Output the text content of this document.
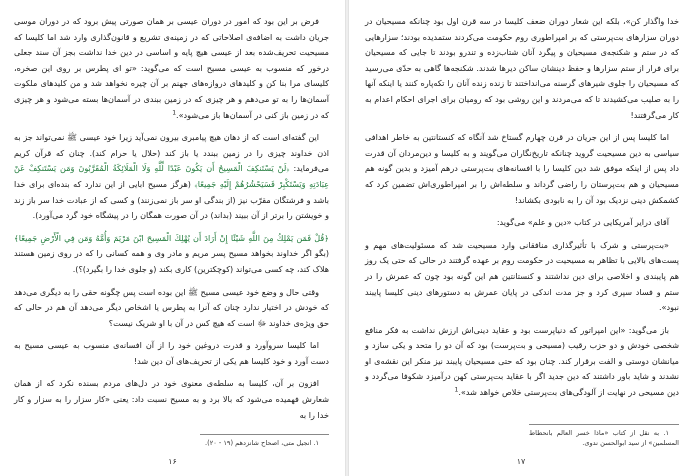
فرض بر این بود که امور در دوران عیسی بر همان صورتی پیش برود که در دوران موسی جریان داشت به اضافه‌ی اصلاحاتی که در زمینه‌ی تشریع و قانون‌گذاری وارد شد اما کلیسا که مسیحیت تحریف‌شده بعد از عیسی هیچ پایه و اساسی در دین خدا نداشت بجز آن سند جعلی درخور که منسوب به عیسی مسیح است که می‌گوید: «تو ای پطرس بر روی این صخره، کلیسای مرا بنا کن و کلیدهای دروازه‌های جهنم بر آن چیره نخواهد شد و من کلیدهای ملکوت آسمان‌ها را به تو می‌دهم و هر چیزی که در زمین ببندی در آسمان‌ها بسته می‌شود و هر چیزی که در زمین باز کنی در آسمان‌ها باز می‌شود».$^1$

این گفته‌ای است که از دهان هیچ پیامبری بیرون نمی‌آید زیرا خود عیسی ﷺ نمی‌تواند جز به اذن خداوند چیزی را در زمین ببندد یا باز کند (حلال یا حرام کند). چنان که قرآن کریم می‌فرماید: ﴿لَنْ يَسْتَنكِفَ الْمَسِيحُ أَن يَكُونَ عَبْدًا لِّلَّهِ وَلَا الْمَلَائِكَةُ الْمُقَرَّبُونَ وَمَن يَسْتَنكِفْ عَنْ عِبَادَتِهِ وَيَسْتَكْبِرْ فَسَيَحْشُرُهُمْ إِلَيْهِ جَمِيعًا﴾ (هرگز مسیح ابایی از این ندارد که بنده‌ای برای خدا باشد و فرشتگان مقرّب نیز (از بندگی او سر باز نمی‌زنند) و کسی که از عبادت خدا سر باز زند و خویشتن را برتر از آن ببیند (بداند) در آن صورت همگان را در پیشگاه خود گرد می‌آورد).

﴿قُلْ فَمَن يَمْلِكُ مِنَ اللَّهِ شَيْئًا إِنْ أَرَادَ أَن يُهْلِكَ الْمَسِيحَ ابْنَ مَرْيَمَ وَأُمَّهُ وَمَن فِي الْأَرْضِ جَمِيعًا﴾ (بگو اگر خداوند بخواهد مسیح پسر مریم و مادر وی و همه کسانی را که در روی زمین هستند هلاک کند، چه کسی می‌تواند (کوچکترین) کاری بکند (و جلوی خدا را بگیرد)؟).

وقتی حال و وضع خود عیسی مسیح ﷺ این بوده است پس چگونه حقی را به دیگری می‌دهد که خودش در اختیار ندارد چنان که آنرا به پطرس یا اشخاص دیگر می‌دهد آن هم در حالی که حق ویژه‌ی خداوند ﷻ است که هیچ کس در آن با او شریک نیست؟

اما کلیسا سروآورد و قدرت دروغین خود را از آن افسانه‌ی منسوب به عیسی مسیح به دست آورد و خود کلیسا هم یکی از تحریف‌های آن دین شد!

افزون بر آن، کلیسا به سلطه‌ی معنوی خود در دل‌های مردم بسنده نکرد که از همان شعارش فهمیده می‌شود که بالا برد و به مسیح نسبت داد: یعنی «کار سزار را به سزار و کار خدا را به

۱. انجیل متی، اصحاح شانزدهم (۱۹ - ۲۰).

۱۶

خدا واگذار کن»، بلکه این شعار دوران ضعف کلیسا در سه قرن اول بود چنانکه مسیحیان در دوران سزارهای بت‌پرستی که بر امپراطوری روم حکومت می‌کردند ستمدیده بودند؛ سزارهایی که در ستم و شکنجه‌ی مسیحیان و پیگرد آنان شتاب‌زده و تندرو بودند تا جایی که مسیحیان برای فرار از ستم سزارها و حفظ دینشان ساکن دیرها شدند. شکنجه‌ها گاهی به حدّی می‌رسید که مسیحیان را جلوی شیرهای گرسنه می‌انداختند تا زنده زنده آنان را تکه‌پاره کنند یا اینکه آنها را به صلیب می‌کشیدند تا که می‌مردند و این روشی بود که رومیان برای اجرای احکام اعدام به کار می‌گرفتند!

اما کلیسا پس از این جریان در قرن چهارم گستاخ شد آنگاه که کنستانتین به خاطر اهدافی سیاسی به دین مسیحیت گروید چنانکه تاریخ‌نگاران می‌گویند و به کلیسا و دین‌مردان آن قدرت داد پس از اینکه موفق شد دین کلیسا را با افسانه‌های بت‌پرستی درهم آمیزد و بدین گونه هم مسیحیان و هم بت‌پرستان را راضی گرداند و سلطه‌اش را بر امپراطوری‌اش تضمین کرد که کشمکش دینی نزدیک بود آن را به نابودی بکشاند!

آقای درایر آمریکایی در کتاب «دین و علم» می‌گوید:

«بت‌پرستی و شرک با تأثیرگذاری منافقانی وارد مسیحیت شد که مسئولیت‌های مهم و پست‌های بالایی با تظاهر به مسیحیت در حکومت روم بر عهده گرفتند در حالی که حتی یک روز هم پایبندی و اخلاصی برای دین نداشتند و کنستانتین هم این گونه بود چون که عمرش را در ستم و فساد سپری کرد و جز مدت اندکی در پایان عمرش به دستورهای دینی کلیسا پایبند نبود».

باز می‌گوید: «این امپراتور که دنیاپرست بود و عقاید دینی‌اش ارزش نداشت به فکر منافع شخصی خودش و دو حزب رقیب (مسیحی و بت‌پرست) بود که آن دو را متحد و یکی سازد و میانشان دوستی و الفت برقرار کند. چنان بود که حتی مسیحیان پایبند نیز منکر این نقشه‌ی او نشدند و شاید باور داشتند که دین جدید اگر با عقاید بت‌پرستی کهن درآمیزد شکوفا می‌گردد و دین مسیحی در نهایت از آلودگی‌های بت‌پرستی خلاص خواهد شد».$^1$

۱. به نقل از کتاب «ماذا خسر العالم بانحطاط المسلمین» از سید ابوالحسن ندوی.

۱۷
